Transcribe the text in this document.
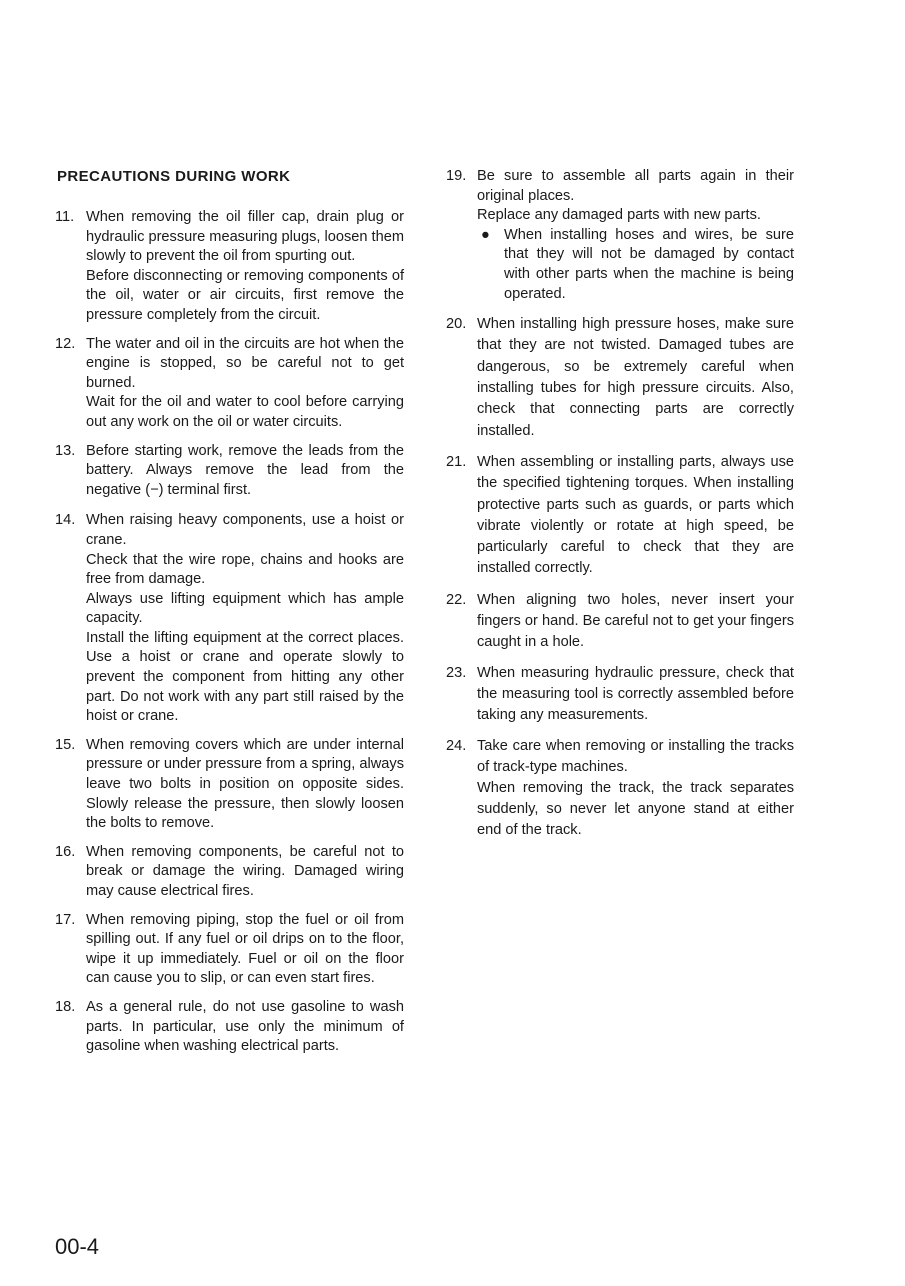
PRECAUTIONS DURING WORK
11. When removing the oil filler cap, drain plug or hydraulic pressure measuring plugs, loosen them slowly to prevent the oil from spurting out.

Before disconnecting or removing components of the oil, water or air circuits, first remove the pressure completely from the circuit.

12. The water and oil in the circuits are hot when the engine is stopped, so be careful not to get burned.

Wait for the oil and water to cool before carrying out any work on the oil or water circuits.

13. Before starting work, remove the leads from the battery. Always remove the lead from the negative (−) terminal first.

14. When raising heavy components, use a hoist or crane.

Check that the wire rope, chains and hooks are free from damage.

Always use lifting equipment which has ample capacity.

Install the lifting equipment at the correct places. Use a hoist or crane and operate slowly to prevent the component from hitting any other part. Do not work with any part still raised by the hoist or crane.

15. When removing covers which are under internal pressure or under pressure from a spring, always leave two bolts in position on opposite sides. Slowly release the pressure, then slowly loosen the bolts to remove.

16. When removing components, be careful not to break or damage the wiring. Damaged wiring may cause electrical fires.

17. When removing piping, stop the fuel or oil from spilling out. If any fuel or oil drips on to the floor, wipe it up immediately. Fuel or oil on the floor can cause you to slip, or can even start fires.

18. As a general rule, do not use gasoline to wash parts. In particular, use only the minimum of gasoline when washing electrical parts.

19. Be sure to assemble all parts again in their original places.

Replace any damaged parts with new parts.

● When installing hoses and wires, be sure that they will not be damaged by contact with other parts when the machine is being operated.

20. When installing high pressure hoses, make sure that they are not twisted. Damaged tubes are dangerous, so be extremely careful when installing tubes for high pressure circuits. Also, check that connecting parts are correctly installed.

21. When assembling or installing parts, always use the specified tightening torques. When installing protective parts such as guards, or parts which vibrate violently or rotate at high speed, be particularly careful to check that they are installed correctly.

22. When aligning two holes, never insert your fingers or hand. Be careful not to get your fingers caught in a hole.

23. When measuring hydraulic pressure, check that the measuring tool is correctly assembled before taking any measurements.

24. Take care when removing or installing the tracks of track-type machines.

When removing the track, the track separates suddenly, so never let anyone stand at either end of the track.

00-4
